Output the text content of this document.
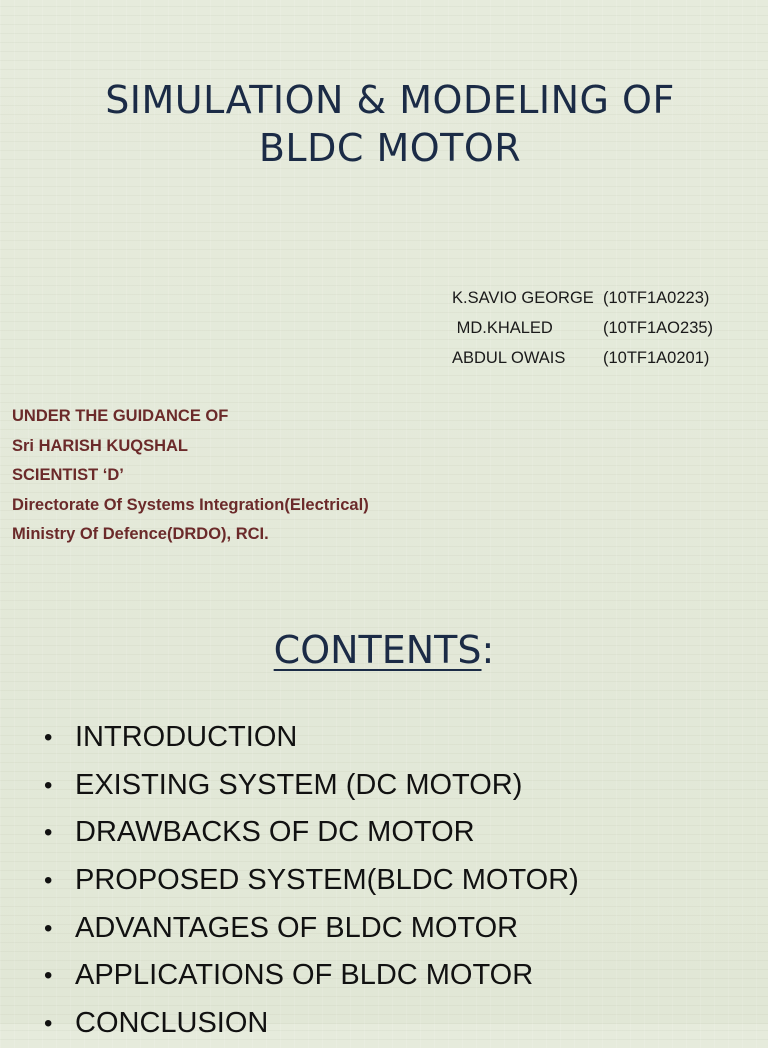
SIMULATION & MODELING OF
BLDC MOTOR
K.SAVIO GEORGE (10TF1A0223)
MD.KHALED	(10TF1AO235)
ABDUL OWAIS (10TF1A0201)
UNDER THE GUIDANCE OF
Sri HARISH KUQSHAL
SCIENTIST ‘D’
Directorate Of Systems Integration(Electrical)
Ministry Of Defence(DRDO), RCI.
CONTENTS:
• INTRODUCTION
• EXISTING SYSTEM (DC MOTOR)
• DRAWBACKS OF DC MOTOR
• PROPOSED SYSTEM(BLDC MOTOR)
• ADVANTAGES OF BLDC MOTOR
• APPLICATIONS OF BLDC MOTOR
• CONCLUSION
